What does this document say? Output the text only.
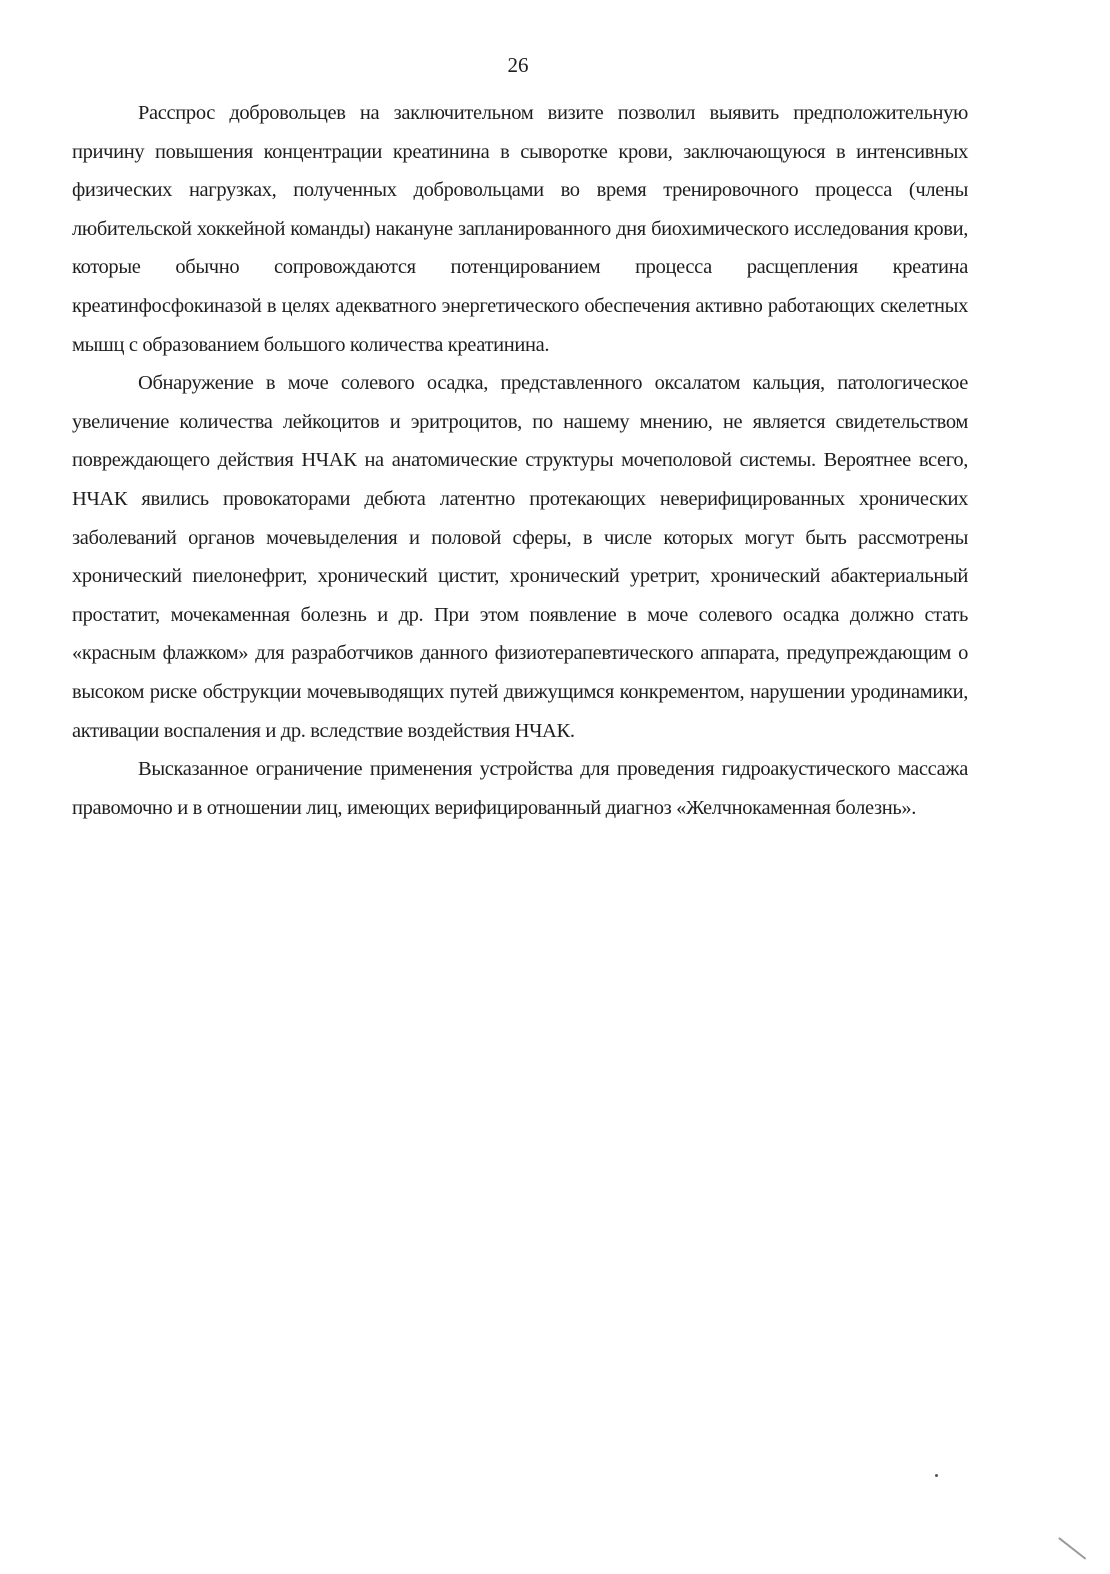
26

Расспрос добровольцев на заключительном визите позволил выявить предположительную причину повышения концентрации креатинина в сыворотке крови, заключающуюся в интенсивных физических нагрузках, полученных добровольцами во время тренировочного процесса (члены любительской хоккейной команды) накануне запланированного дня биохимического исследования крови, которые обычно сопровождаются потенцированием процесса расщепления креатина креатинфосфокиназой в целях адекватного энергетического обеспечения активно работающих скелетных мышц с образованием большого количества креатинина.

Обнаружение в моче солевого осадка, представленного оксалатом кальция, патологическое увеличение количества лейкоцитов и эритроцитов, по нашему мнению, не является свидетельством повреждающего действия НЧАК на анатомические структуры мочеполовой системы. Вероятнее всего, НЧАК явились провокаторами дебюта латентно протекающих неверифицированных хронических заболеваний органов мочевыделения и половой сферы, в числе которых могут быть рассмотрены хронический пиелонефрит, хронический цистит, хронический уретрит, хронический абактериальный простатит, мочекаменная болезнь и др. При этом появление в моче солевого осадка должно стать «красным флажком» для разработчиков данного физиотерапевтического аппарата, предупреждающим о высоком риске обструкции мочевыводящих путей движущимся конкрементом, нарушении уродинамики, активации воспаления и др. вследствие воздействия НЧАК.

Высказанное ограничение применения устройства для проведения гидроакустического массажа правомочно и в отношении лиц, имеющих верифицированный диагноз «Желчнокаменная болезнь».
